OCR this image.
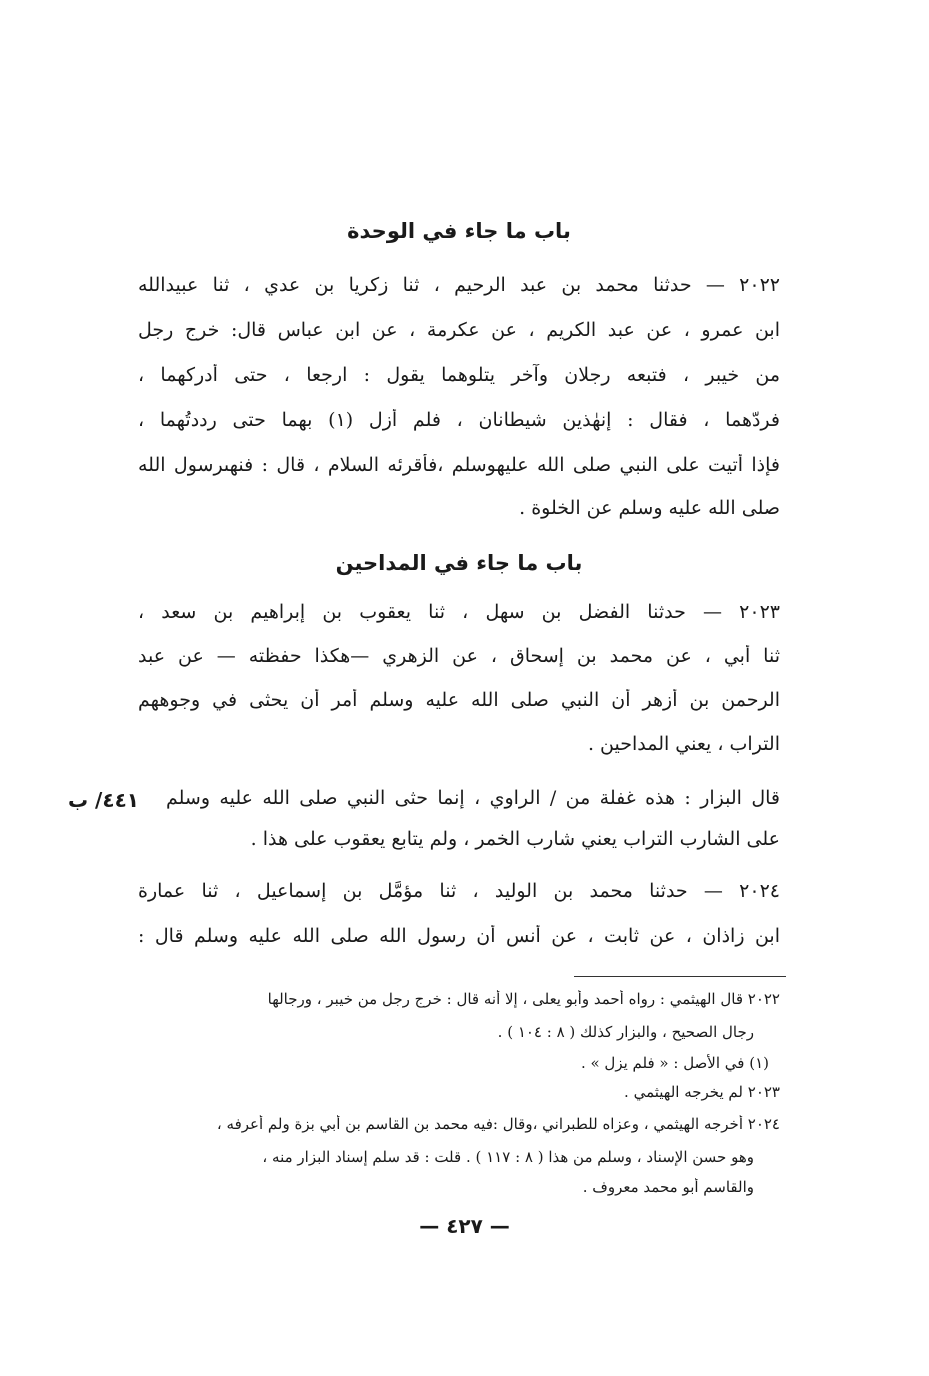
باب ما جاء في الوحدة
٢٠٢٢ — حدثنا محمد بن عبد الرحيم ، ثنا زكريا بن عدي ، ثنا عبيدالله
ابن عمرو ، عن عبد الكريم ، عن عكرمة ، عن ابن عباس قال: خرج رجل
من خيبر ، فتبعه رجلان وآخر يتلوهما يقول : ارجعا ، حتى أدركهما ،
فردّهما ، فقال : إنهٰذين شيطانان ، فلم أزل (١) بهما حتى رددتُهما ،
فإذا أتيت على النبي صلى الله عليهوسلم ،فأقرئه السلام ، قال : فنهىرسول الله
صلى الله عليه وسلم عن الخلوة .
باب ما جاء في المداحين
٢٠٢٣ — حدثنا الفضل بن سهل ، ثنا يعقوب بن إبراهيم بن سعد ،
ثنا أبي ، عن محمد بن إسحاق ، عن الزهري —هكذا حفظته — عن عبد
الرحمن بن أزهر أن النبي صلى الله عليه وسلم أمر أن يحثى في وجوههم
التراب ، يعني المداحين .
قال البزار : هذه غفلة من / الراوي ، إنما حثى النبي صلى الله عليه وسلم
على الشارب التراب يعني شارب الخمر ، ولم يتابع يعقوب على هذا .
٤٤١/ ب
٢٠٢٤ — حدثنا محمد بن الوليد ، ثنا مؤمَّل بن إسماعيل ، ثنا عمارة
ابن زاذان ، عن ثابت ، عن أنس أن رسول الله صلى الله عليه وسلم قال :
٢٠٢٢ قال الهيثمي : رواه أحمد وأبو يعلى ، إلا أنه قال : خرج رجل من خيبر ، ورجالها
رجال الصحيح ، والبزار كذلك ( ٨ : ١٠٤ ) .
(١) في الأصل : « فلم يزل » .
٢٠٢٣ لم يخرجه الهيثمي .
٢٠٢٤ أخرجه الهيثمي ، وعزاه للطبراني ،وقال :فيه محمد بن القاسم بن أبي بزة ولم أعرفه ،
وهو حسن الإسناد ، وسلم من هذا ( ٨ : ١١٧ ) . قلت : قد سلم إسناد البزار منه ،
والقاسم أبو محمد معروف .
— ٤٢٧ —
